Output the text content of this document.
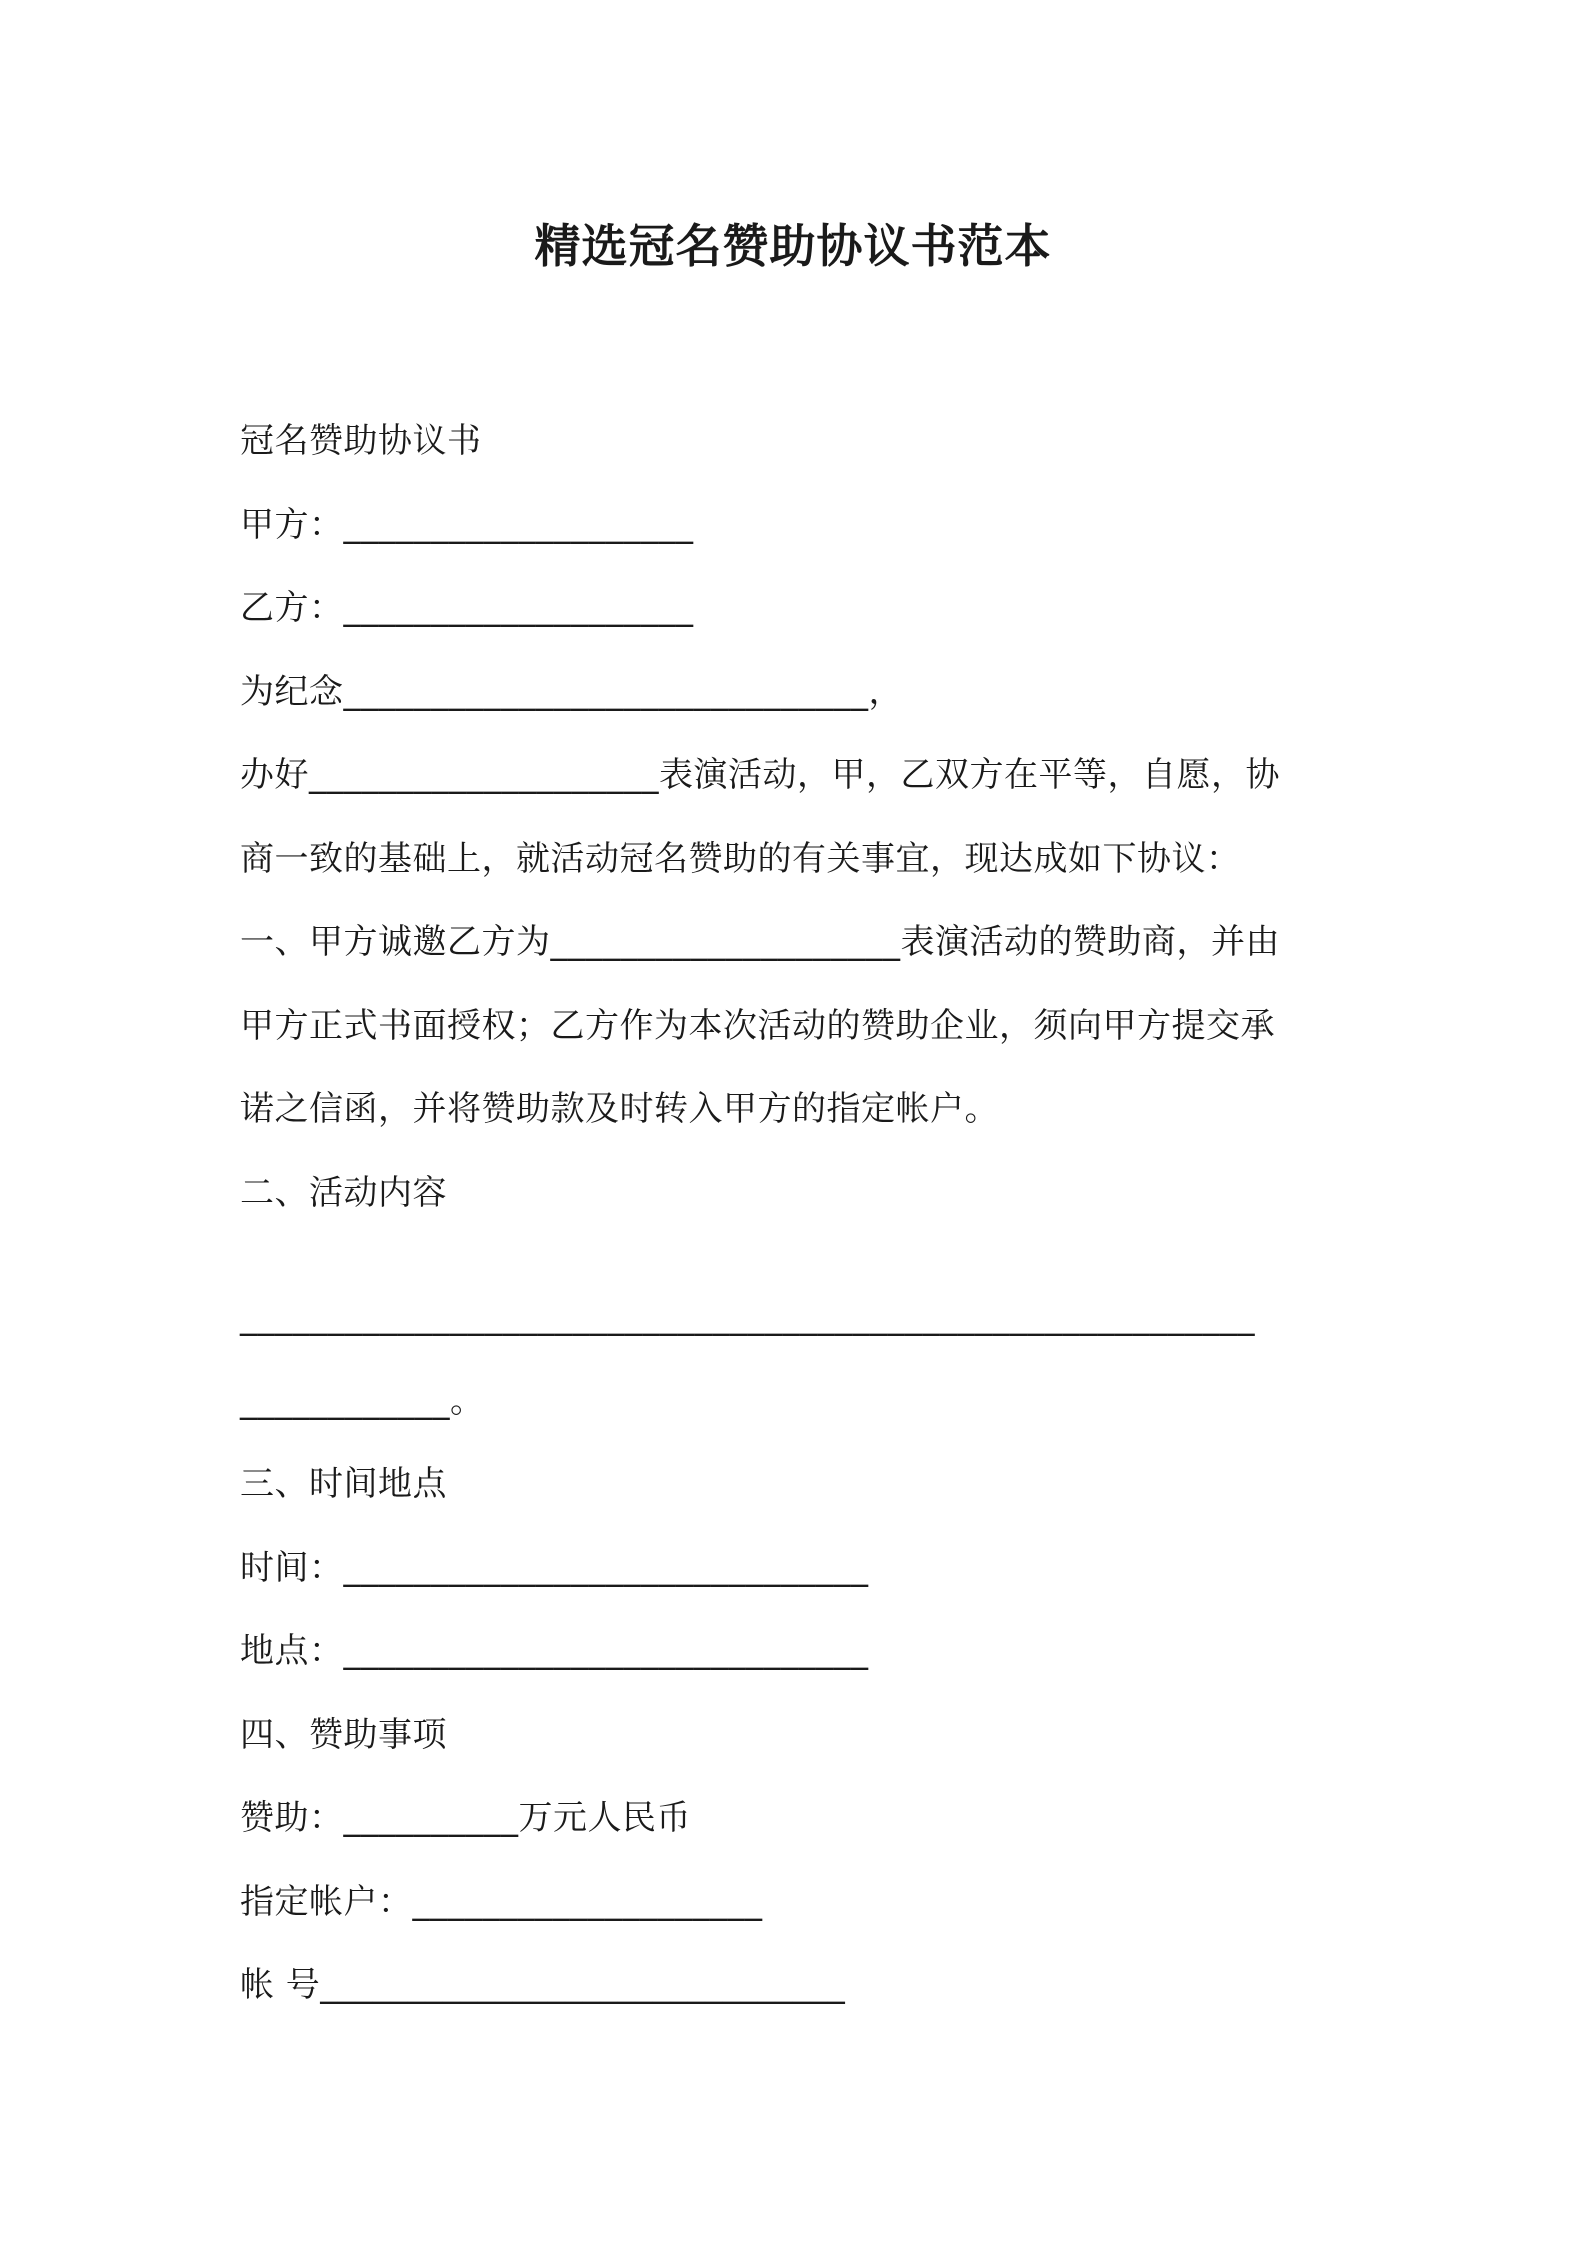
精选冠名赞助协议书范本
冠名赞助协议书
甲方：____________________
乙方：____________________
为纪念______________________________，
办好____________________表演活动，甲，乙双方在平等，自愿，协
商一致的基础上，就活动冠名赞助的有关事宜，现达成如下协议：
一、甲方诚邀乙方为____________________表演活动的赞助商，并由
甲方正式书面授权；乙方作为本次活动的赞助企业，须向甲方提交承
诺之信函，并将赞助款及时转入甲方的指定帐户。
二、活动内容
__________________________________________________________
____________。
三、时间地点
时间：______________________________
地点：______________________________
四、赞助事项
赞助：__________万元人民币
指定帐户：____________________
帐 号______________________________
